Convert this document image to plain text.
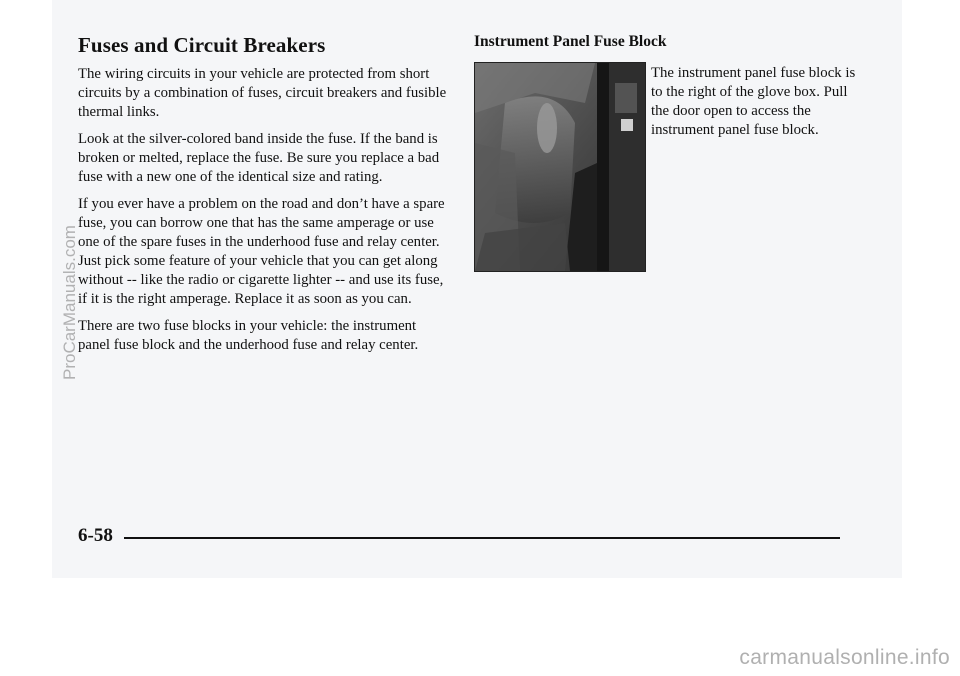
Fuses and Circuit Breakers

The wiring circuits in your vehicle are protected from short circuits by a combination of fuses, circuit breakers and fusible thermal links.

Look at the silver-colored band inside the fuse. If the band is broken or melted, replace the fuse. Be sure you replace a bad fuse with a new one of the identical size and rating.

If you ever have a problem on the road and don’t have a spare fuse, you can borrow one that has the same amperage or use one of the spare fuses in the underhood fuse and relay center. Just pick some feature of your vehicle that you can get along without -- like the radio or cigarette lighter -- and use its fuse, if it is the right amperage. Replace it as soon as you can.

There are two fuse blocks in your vehicle: the instrument panel fuse block and the underhood fuse and relay center.

Instrument Panel Fuse Block
The instrument panel fuse block is to the right of the glove box. Pull the door open to access the instrument panel fuse block.
6-58
ProCarManuals.com
carmanualsonline.info
